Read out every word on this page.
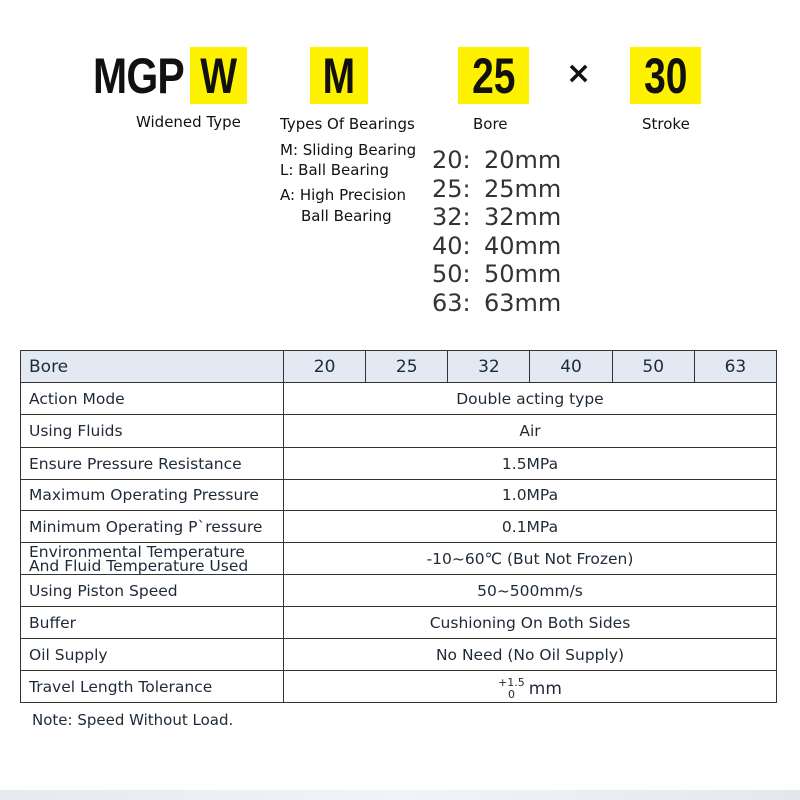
MGP W M 25 × 30
Widened Type	Types Of Bearings	Bore	Stroke
M: Sliding Bearing
L: Ball Bearing
A: High Precision
Ball Bearing
20: 20mm
25: 25mm
32: 32mm
40: 40mm
50: 50mm
63: 63mm
Bore	20	25	32	40	50	63
Action Mode	Double acting type					
Using Fluids	Air					
Ensure Pressure Resistance	1.5MPa					
Maximum Operating Pressure	1.0MPa					
Minimum Operating P`ressure	0.1MPa					

Environmental Temperature
And Fluid Temperature Used	-10~60℃ (But Not Frozen)					
Using Piston Speed	50~500mm/s					
Buffer	Cushioning On Both Sides					
Oil Supply	No Need (No Oil Supply)					
Travel Length Tolerance	+1.5
0 mm					
Note: Speed Without Load.
